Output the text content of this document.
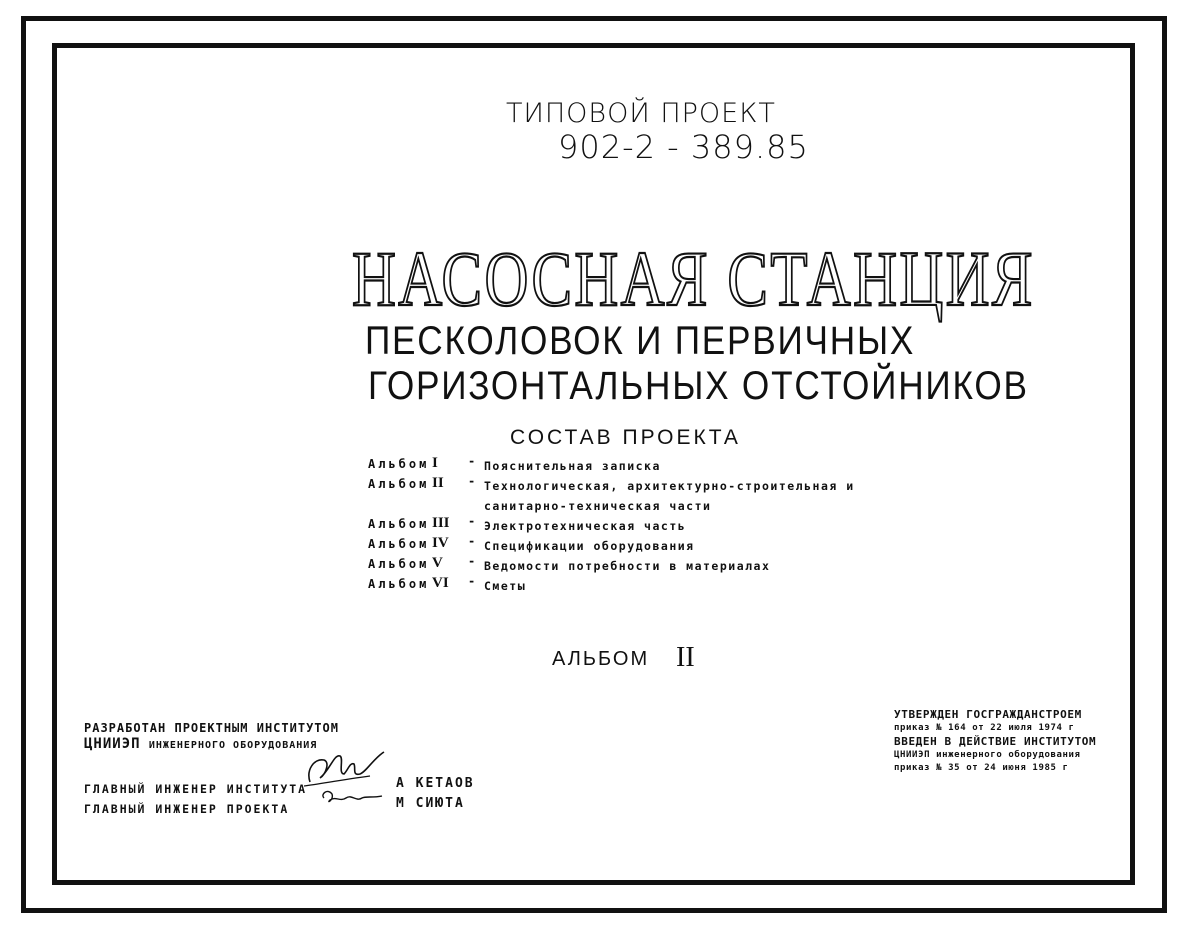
ТИПОВОЙ ПРОЕКТ
902-2 - 389.85
НАСОСНАЯ СТАНЦИЯ
ПЕСКОЛОВОК И ПЕРВИЧНЫХ
ГОРИЗОНТАЛЬНЫХ ОТСТОЙНИКОВ
СОСТАВ ПРОЕКТА
Альбом I	- Пояснительная записка
Альбом II - Технологическая, архитектурно-строительная и
санитарно-техническая части
Альбом III - Электротехническая часть
Альбом IV - Спецификации оборудования
Альбом V - Ведомости потребности в материалах
Альбом VI - Сметы
АЛЬБОМ II
РАЗРАБОТАН ПРОЕКТНЫМ ИНСТИТУТОМ
ЦНИИЭП ИНЖЕНЕРНОГО ОБОРУДОВАНИЯ
ГЛАВНЫЙ ИНЖЕНЕР ИНСТИТУТА
ГЛАВНЫЙ ИНЖЕНЕР ПРОЕКТА
А КЕТАОВ
М СИЮТА
УТВЕРЖДЕН ГОСГРАЖДАНСТРОЕМ
приказ № 164 от 22 июля 1974 г
ВВЕДЕН В ДЕЙСТВИЕ ИНСТИТУТОМ
ЦНИИЭП инженерного оборудования
приказ № 35 от 24 июня 1985 г
